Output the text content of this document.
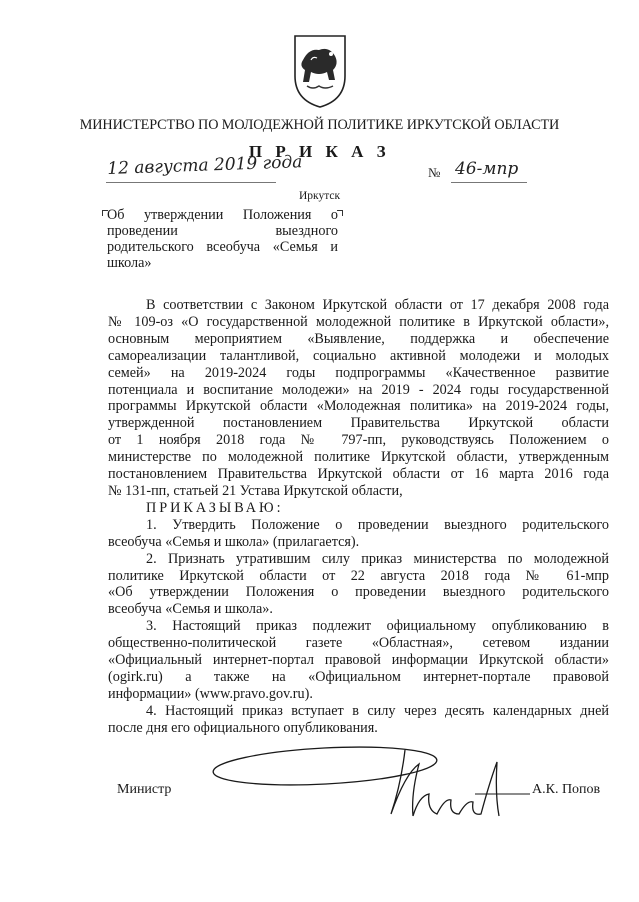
МИНИСТЕРСТВО ПО МОЛОДЕЖНОЙ ПОЛИТИКЕ ИРКУТСКОЙ ОБЛАСТИ
П Р И К А З
12 августа 2019 года	№ 46-мпр
Иркутск
Об утверждении Положения о
проведении выездного
родительского всеобуча «Семья и
школа»
В соответствии с Законом Иркутской области от 17 декабря 2008 года
№ 109-оз «О государственной молодежной политике в Иркутской области»,
основным мероприятием «Выявление, поддержка и обеспечение
самореализации талантливой, социально активной молодежи и молодых
семей» на 2019-2024 годы подпрограммы «Качественное развитие
потенциала и воспитание молодежи» на 2019 - 2024 годы государственной
программы Иркутской области «Молодежная политика» на 2019-2024 годы,
утвержденной постановлением Правительства Иркутской области
от 1 ноября 2018 года № 797-пп, руководствуясь Положением о
министерстве по молодежной политике Иркутской области, утвержденным
постановлением Правительства Иркутской области от 16 марта 2016 года
№ 131-пп, статьей 21 Устава Иркутской области,
ПРИКАЗЫВАЮ:
1. Утвердить Положение о проведении выездного родительского
всеобуча «Семья и школа» (прилагается).
2. Признать утратившим силу приказ министерства по молодежной
политике Иркутской области от 22 августа 2018 года № 61-мпр
«Об утверждении Положения о проведении выездного родительского
всеобуча «Семья и школа».
3. Настоящий приказ подлежит официальному опубликованию в
общественно-политической газете «Областная», сетевом издании
«Официальный интернет-портал правовой информации Иркутской области»
(ogirk.ru) а также на «Официальном интернет-портале правовой
информации» (www.pravo.gov.ru).
4. Настоящий приказ вступает в силу через десять календарных дней
после дня его официального опубликования.
Министр	А.К. Попов
